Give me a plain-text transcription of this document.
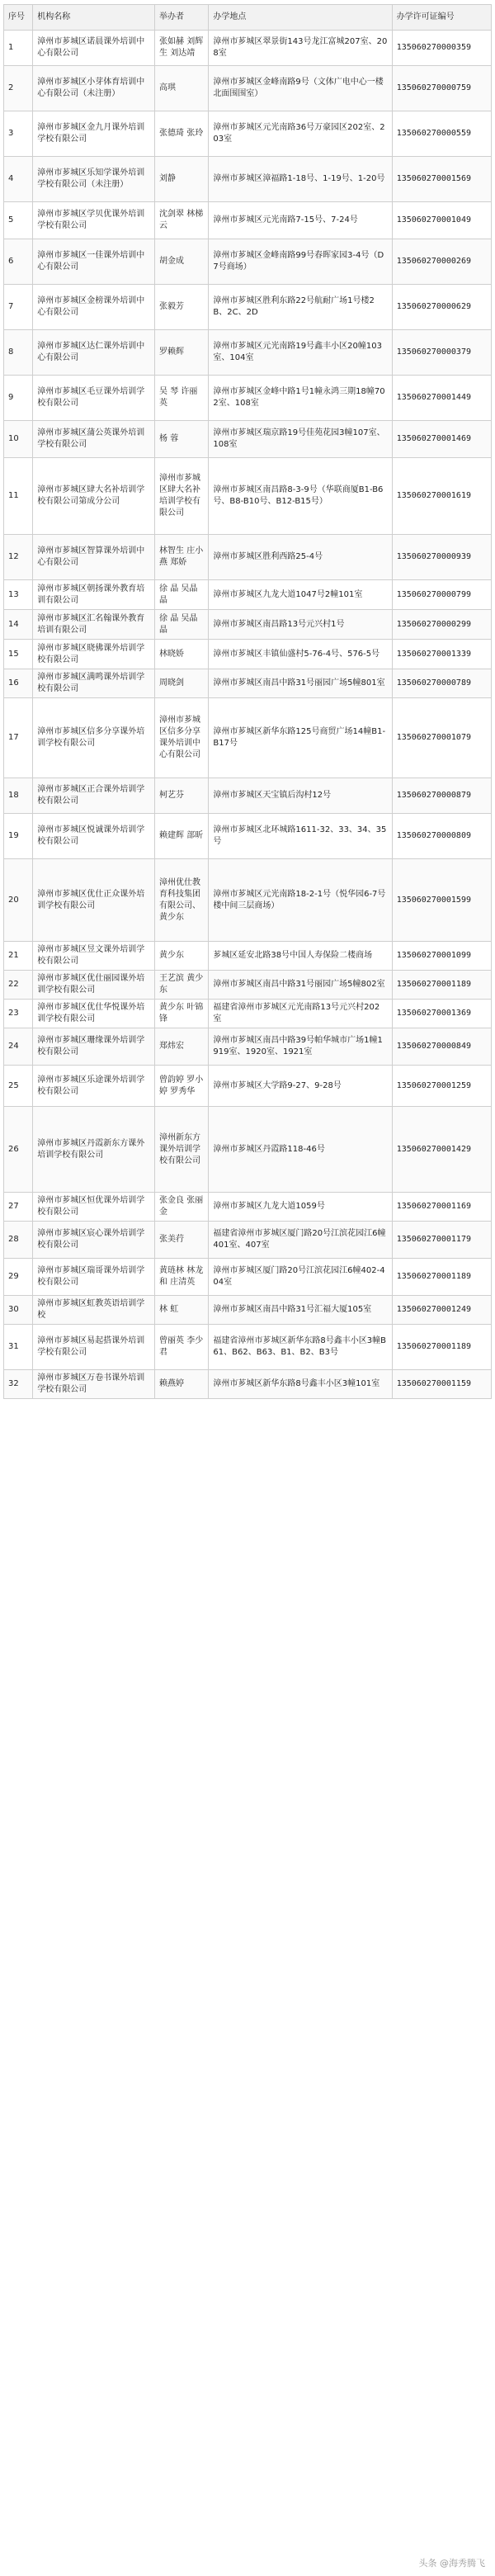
序号	机构名称	举办者	办学地点	办学许可证编号
1	漳州市芗城区诺晨课外培训中心有限公司	张如赫 刘辉生 刘达靖	漳州市芗城区翠景街143号龙江富城207室、208室	135060270000359
2	漳州市芗城区小芽体育培训中心有限公司（未注册）	高琪	漳州市芗城区金峰南路9号（文体广电中心一楼北面围围室）	135060270000759
3	漳州市芗城区金九月课外培训学校有限公司	张德琦 张玲	漳州市芗城区元光南路36号万豪园区202室、203室	135060270000559
4	漳州市芗城区乐知学课外培训学校有限公司（未注册）	刘静	漳州市芗城区漳福路1-18号、1-19号、1-20号	135060270001569
5	漳州市芗城区学贝优课外培训学校有限公司	沈剑翠 林梯云	漳州市芗城区元光南路7-15号、7-24号	135060270001049
6	漳州市芗城区一佳课外培训中心有限公司	胡金成	漳州市芗城区金峰南路99号春晖家园3-4号（D7号商场）	135060270000269
7	漳州市芗城区金榜课外培训中心有限公司	张毅芳	漳州市芗城区胜利东路22号航耐广场1号楼2B、2C、2D	135060270000629
8	漳州市芗城区达仁课外培训中心有限公司	罗赖辉	漳州市芗城区元光南路19号鑫丰小区20幢103室、104室	135060270000379
9	漳州市芗城区毛豆课外培训学校有限公司	吴 琴 许丽英	漳州市芗城区金峰中路1号1幢永鸿三期18幢702室、108室	135060270001449
10	漳州市芗城区蒲公英课外培训学校有限公司	杨 蓉	漳州市芗城区瑞京路19号佳苑花园3幢107室、108室	135060270001469
11	漳州市芗城区肆大名补培训学校有限公司第成分公司	漳州市芗城区肆大名补培训学校有限公司	漳州市芗城区南昌路8-3-9号（华联商厦B1-B6号、B8-B10号、B12-B15号）	135060270001619
12	漳州市芗城区智算课外培训中心有限公司	林智生 庄小燕 郑娇	漳州市芗城区胜利西路25-4号	135060270000939
13	漳州市芗城区朝扬课外教育培训有限公司	徐 晶 吴晶晶	漳州市芗城区九龙大道1047号2幢101室	135060270000799
14	漳州市芗城区汇名翰课外教育培训有限公司	徐 晶 吴晶晶	漳州市芗城区南昌路13号元兴村1号	135060270000299
15	漳州市芗城区晓佛课外培训学校有限公司	林晓娇	漳州市芗城区丰镇仙盛村5-76-4号、576-5号	135060270001339
16	漳州市芗城区满鸣课外培训学校有限公司	周晓剑	漳州市芗城区南昌中路31号丽园广场5幢801室	135060270000789
17	漳州市芗城区信多分享课外培训学校有限公司	漳州市芗城区信多分享课外培训中心有限公司	漳州市芗城区新华东路125号商贸广场14幢B1-B17号	135060270001079
18	漳州市芗城区正合课外培训学校有限公司	柯艺芬	漳州市芗城区天宝镇后沟村12号	135060270000879
19	漳州市芗城区悦诚课外培训学校有限公司	赖建辉 部昕	漳州市芗城区北环城路1611-32、33、34、35号	135060270000809
20	漳州市芗城区优仕正众课外培训学校有限公司	漳州优仕教育科技集团有限公司、黄少东	漳州市芗城区元光南路18-2-1号（悦华园6-7号楼中间三层商场）	135060270001599
21	漳州市芗城区昱文课外培训学校有限公司	黄少东	芗城区延安北路38号中国人寿保险二楼商场	135060270001099
22	漳州市芗城区优仕丽园课外培训学校有限公司	王艺滨 黄少东	漳州市芗城区南昌中路31号丽园广场5幢802室	135060270001189
23	漳州市芗城区优仕华悦课外培训学校有限公司	黄少东 叶锦锋	福建省漳州市芗城区元光南路13号元兴村202室	135060270001369
24	漳州市芗城区珊缘课外培训学校有限公司	郑炜宏	漳州市芗城区南昌中路39号帕华城市广场1幢1919室、1920室、1921室	135060270000849
25	漳州市芗城区乐途课外培训学校有限公司	曾韵婷 罗小婷 罗秀华	漳州市芗城区大学路9-27、9-28号	135060270001259
26	漳州市芗城区丹霞新东方课外培训学校有限公司	漳州新东方课外培训学校有限公司	漳州市芗城区丹霞路118-46号	135060270001429
27	漳州市芗城区恒优课外培训学校有限公司	张金良 张丽金	漳州市芗城区九龙大道1059号	135060270001169
28	漳州市芗城区宸心课外培训学校有限公司	张美荇	福建省漳州市芗城区厦门路20号江滨花园江6幢401室、407室	135060270001179
29	漳州市芗城区瑞哥课外培训学校有限公司	黄琏林 林龙和 庄清英	漳州市芗城区厦门路20号江滨花园江6幢402-404室	135060270001189
30	漳州市芗城区虹教英语培训学校	林 虹	漳州市芗城区南昌中路31号汇福大厦105室	135060270001249
31	漳州市芗城区易起搭课外培训学校有限公司	曾丽英 李少君	福建省漳州市芗城区新华东路8号鑫丰小区3幢B61、B62、B63、B1、B2、B3号	135060270001189
32	漳州市芗城区万卷书课外培训学校有限公司	赖燕婷	漳州市芗城区新华东路8号鑫丰小区3幢101室	135060270001159
头条 @海秀腾飞
